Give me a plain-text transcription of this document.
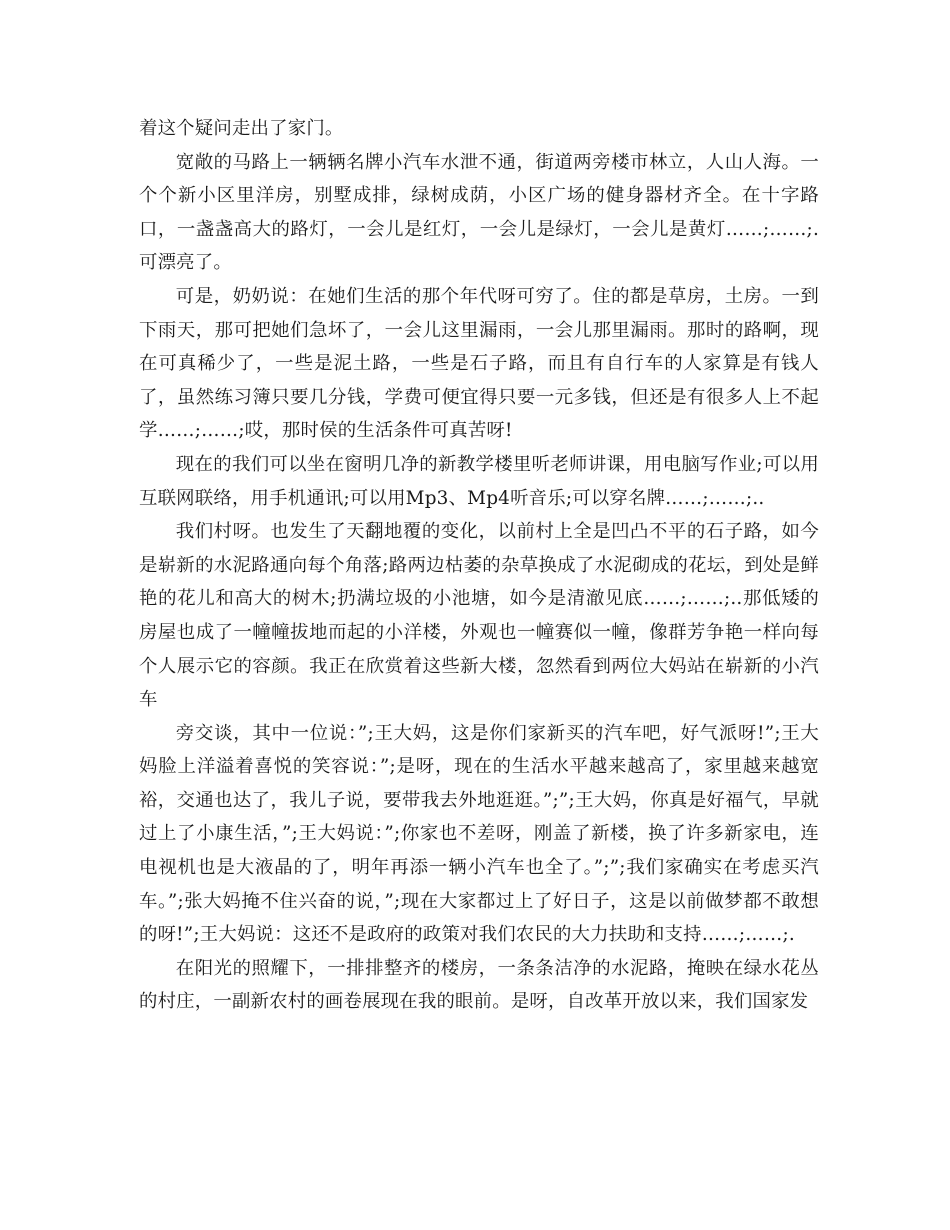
着这个疑问走出了家门。

宽敞的马路上一辆辆名牌小汽车水泄不通，街道两旁楼市林立，人山人海。一个个新小区里洋房，别墅成排，绿树成荫，小区广场的健身器材齐全。在十字路口，一盏盏高大的路灯，一会儿是红灯，一会儿是绿灯，一会儿是黄灯……;……;.可漂亮了。

可是，奶奶说：在她们生活的那个年代呀可穷了。住的都是草房，土房。一到下雨天，那可把她们急坏了，一会儿这里漏雨，一会儿那里漏雨。那时的路啊，现在可真稀少了，一些是泥土路，一些是石子路，而且有自行车的人家算是有钱人了，虽然练习簿只要几分钱，学费可便宜得只要一元多钱，但还是有很多人上不起学……;……;哎，那时侯的生活条件可真苦呀!

现在的我们可以坐在窗明几净的新教学楼里听老师讲课，用电脑写作业;可以用互联网联络，用手机通讯;可以用Mp3、Mp4听音乐;可以穿名牌……;……;..

我们村呀。也发生了天翻地覆的变化，以前村上全是凹凸不平的石子路，如今是崭新的水泥路通向每个角落;路两边枯萎的杂草换成了水泥砌成的花坛，到处是鲜艳的花儿和高大的树木;扔满垃圾的小池塘，如今是清澈见底……;……;..那低矮的房屋也成了一幢幢拔地而起的小洋楼，外观也一幢赛似一幢，像群芳争艳一样向每个人展示它的容颜。我正在欣赏着这些新大楼，忽然看到两位大妈站在崭新的小汽车

旁交谈，其中一位说：”;王大妈，这是你们家新买的汽车吧，好气派呀!”;王大妈脸上洋溢着喜悦的笑容说：”;是呀，现在的生活水平越来越高了，家里越来越宽裕，交通也达了，我儿子说，要带我去外地逛逛。”;”;王大妈，你真是好福气，早就过上了小康生活，”;王大妈说：”;你家也不差呀，刚盖了新楼，换了许多新家电，连电视机也是大液晶的了，明年再添一辆小汽车也全了。”;”;我们家确实在考虑买汽车。”;张大妈掩不住兴奋的说，”;现在大家都过上了好日子，这是以前做梦都不敢想的呀!”;王大妈说：这还不是政府的政策对我们农民的大力扶助和支持……;……;.

在阳光的照耀下，一排排整齐的楼房，一条条洁净的水泥路，掩映在绿水花丛的村庄，一副新农村的画卷展现在我的眼前。是呀，自改革开放以来，我们国家发
